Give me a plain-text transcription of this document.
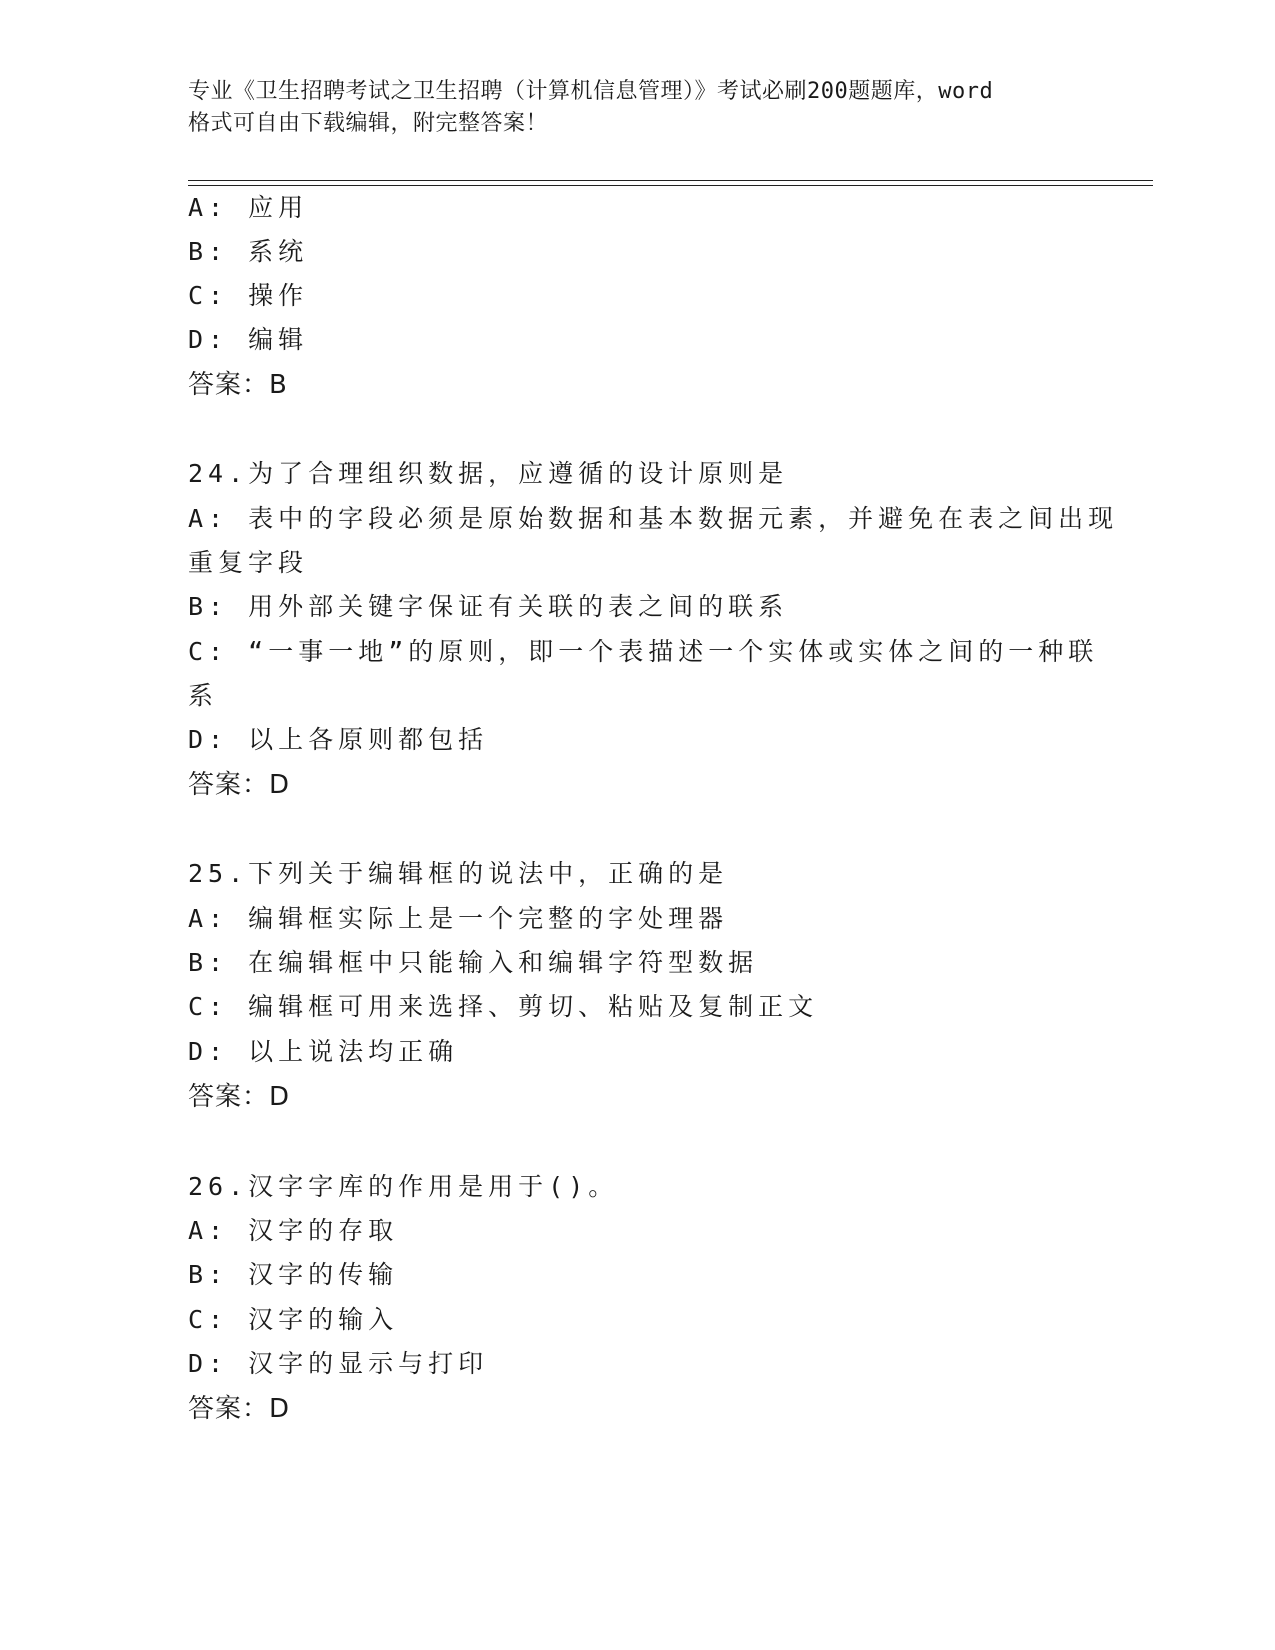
专业《卫生招聘考试之卫生招聘（计算机信息管理）》考试必刷200题题库，word
格式可自由下载编辑，附完整答案！
A: 应用
B: 系统
C: 操作
D: 编辑
答案：B
24.为了合理组织数据，应遵循的设计原则是
A: 表中的字段必须是原始数据和基本数据元素，并避免在表之间出现
重复字段
B: 用外部关键字保证有关联的表之间的联系
C: “一事一地”的原则，即一个表描述一个实体或实体之间的一种联
系
D: 以上各原则都包括
答案：D
25.下列关于编辑框的说法中，正确的是
A: 编辑框实际上是一个完整的字处理器
B: 在编辑框中只能输入和编辑字符型数据
C: 编辑框可用来选择、剪切、粘贴及复制正文
D: 以上说法均正确
答案：D
26.汉字字库的作用是用于()。
A: 汉字的存取
B: 汉字的传输
C: 汉字的输入
D: 汉字的显示与打印
答案：D
